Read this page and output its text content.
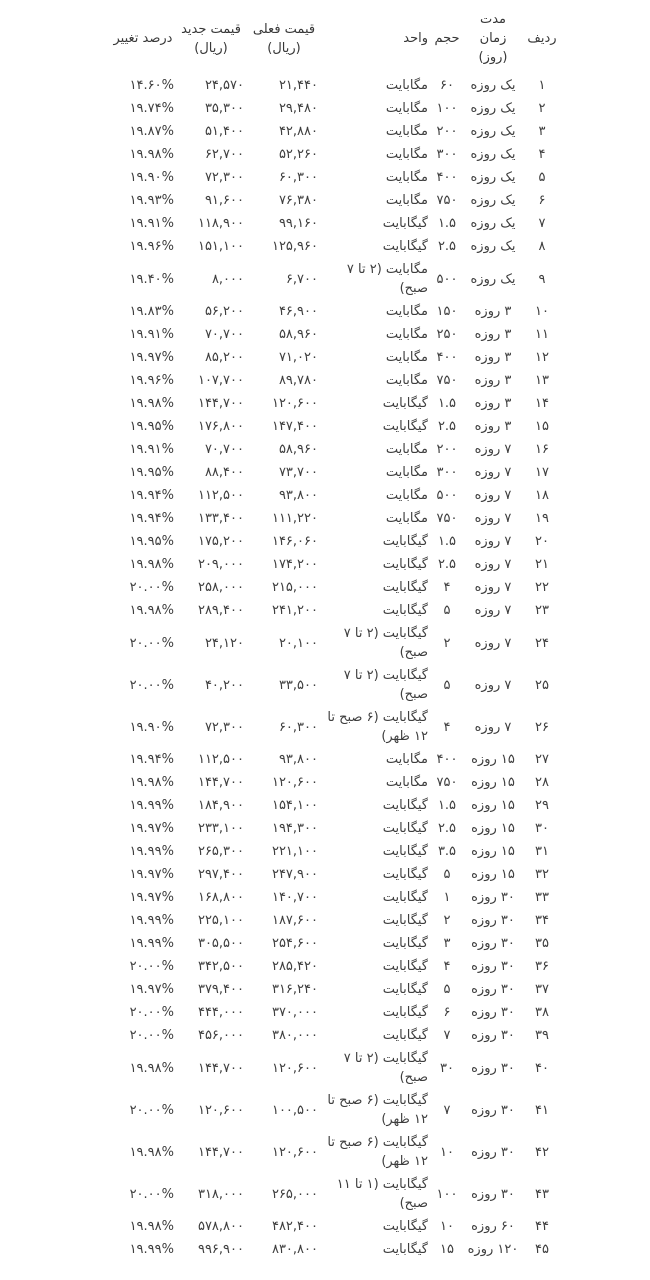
ردیف	مدت زمان (روز)	حجم	واحد	قیمت فعلی (ریال)	قیمت جدید (ریال)	درصد تغییر
۱	یک روزه	۶۰	مگابایت	۲۱,۴۴۰	۲۴,۵۷۰	۱۴.۶۰%
۲	یک روزه	۱۰۰	مگابایت	۲۹,۴۸۰	۳۵,۳۰۰	۱۹.۷۴%
۳	یک روزه	۲۰۰	مگابایت	۴۲,۸۸۰	۵۱,۴۰۰	۱۹.۸۷%
۴	یک روزه	۳۰۰	مگابایت	۵۲,۲۶۰	۶۲,۷۰۰	۱۹.۹۸%
۵	یک روزه	۴۰۰	مگابایت	۶۰,۳۰۰	۷۲,۳۰۰	۱۹.۹۰%
۶	یک روزه	۷۵۰	مگابایت	۷۶,۳۸۰	۹۱,۶۰۰	۱۹.۹۳%
۷	یک روزه	۱.۵	گیگابایت	۹۹,۱۶۰	۱۱۸,۹۰۰	۱۹.۹۱%
۸	یک روزه	۲.۵	گیگابایت	۱۲۵,۹۶۰	۱۵۱,۱۰۰	۱۹.۹۶%
۹	یک روزه	۵۰۰	مگابایت (۲ تا ۷ صبح)	۶,۷۰۰	۸,۰۰۰	۱۹.۴۰%
۱۰	۳ روزه	۱۵۰	مگابایت	۴۶,۹۰۰	۵۶,۲۰۰	۱۹.۸۳%
۱۱	۳ روزه	۲۵۰	مگابایت	۵۸,۹۶۰	۷۰,۷۰۰	۱۹.۹۱%
۱۲	۳ روزه	۴۰۰	مگابایت	۷۱,۰۲۰	۸۵,۲۰۰	۱۹.۹۷%
۱۳	۳ روزه	۷۵۰	مگابایت	۸۹,۷۸۰	۱۰۷,۷۰۰	۱۹.۹۶%
۱۴	۳ روزه	۱.۵	گیگابایت	۱۲۰,۶۰۰	۱۴۴,۷۰۰	۱۹.۹۸%
۱۵	۳ روزه	۲.۵	گیگابایت	۱۴۷,۴۰۰	۱۷۶,۸۰۰	۱۹.۹۵%
۱۶	۷ روزه	۲۰۰	مگابایت	۵۸,۹۶۰	۷۰,۷۰۰	۱۹.۹۱%
۱۷	۷ روزه	۳۰۰	مگابایت	۷۳,۷۰۰	۸۸,۴۰۰	۱۹.۹۵%
۱۸	۷ روزه	۵۰۰	مگابایت	۹۳,۸۰۰	۱۱۲,۵۰۰	۱۹.۹۴%
۱۹	۷ روزه	۷۵۰	مگابایت	۱۱۱,۲۲۰	۱۳۳,۴۰۰	۱۹.۹۴%
۲۰	۷ روزه	۱.۵	گیگابایت	۱۴۶,۰۶۰	۱۷۵,۲۰۰	۱۹.۹۵%
۲۱	۷ روزه	۲.۵	گیگابایت	۱۷۴,۲۰۰	۲۰۹,۰۰۰	۱۹.۹۸%
۲۲	۷ روزه	۴	گیگابایت	۲۱۵,۰۰۰	۲۵۸,۰۰۰	۲۰.۰۰%
۲۳	۷ روزه	۵	گیگابایت	۲۴۱,۲۰۰	۲۸۹,۴۰۰	۱۹.۹۸%
۲۴	۷ روزه	۲	گیگابایت (۲ تا ۷ صبح)	۲۰,۱۰۰	۲۴,۱۲۰	۲۰.۰۰%
۲۵	۷ روزه	۵	گیگابایت (۲ تا ۷ صبح)	۳۳,۵۰۰	۴۰,۲۰۰	۲۰.۰۰%
۲۶	۷ روزه	۴	گیگابایت (۶ صبح تا ۱۲ ظهر)	۶۰,۳۰۰	۷۲,۳۰۰	۱۹.۹۰%
۲۷	۱۵ روزه	۴۰۰	مگابایت	۹۳,۸۰۰	۱۱۲,۵۰۰	۱۹.۹۴%
۲۸	۱۵ روزه	۷۵۰	مگابایت	۱۲۰,۶۰۰	۱۴۴,۷۰۰	۱۹.۹۸%
۲۹	۱۵ روزه	۱.۵	گیگابایت	۱۵۴,۱۰۰	۱۸۴,۹۰۰	۱۹.۹۹%
۳۰	۱۵ روزه	۲.۵	گیگابایت	۱۹۴,۳۰۰	۲۳۳,۱۰۰	۱۹.۹۷%
۳۱	۱۵ روزه	۳.۵	گیگابایت	۲۲۱,۱۰۰	۲۶۵,۳۰۰	۱۹.۹۹%
۳۲	۱۵ روزه	۵	گیگابایت	۲۴۷,۹۰۰	۲۹۷,۴۰۰	۱۹.۹۷%
۳۳	۳۰ روزه	۱	گیگابایت	۱۴۰,۷۰۰	۱۶۸,۸۰۰	۱۹.۹۷%
۳۴	۳۰ روزه	۲	گیگابایت	۱۸۷,۶۰۰	۲۲۵,۱۰۰	۱۹.۹۹%
۳۵	۳۰ روزه	۳	گیگابایت	۲۵۴,۶۰۰	۳۰۵,۵۰۰	۱۹.۹۹%
۳۶	۳۰ روزه	۴	گیگابایت	۲۸۵,۴۲۰	۳۴۲,۵۰۰	۲۰.۰۰%
۳۷	۳۰ روزه	۵	گیگابایت	۳۱۶,۲۴۰	۳۷۹,۴۰۰	۱۹.۹۷%
۳۸	۳۰ روزه	۶	گیگابایت	۳۷۰,۰۰۰	۴۴۴,۰۰۰	۲۰.۰۰%
۳۹	۳۰ روزه	۷	گیگابایت	۳۸۰,۰۰۰	۴۵۶,۰۰۰	۲۰.۰۰%
۴۰	۳۰ روزه	۳۰	گیگابایت (۲ تا ۷ صبح)	۱۲۰,۶۰۰	۱۴۴,۷۰۰	۱۹.۹۸%
۴۱	۳۰ روزه	۷	گیگابایت (۶ صبح تا ۱۲ ظهر)	۱۰۰,۵۰۰	۱۲۰,۶۰۰	۲۰.۰۰%
۴۲	۳۰ روزه	۱۰	گیگابایت (۶ صبح تا ۱۲ ظهر)	۱۲۰,۶۰۰	۱۴۴,۷۰۰	۱۹.۹۸%
۴۳	۳۰ روزه	۱۰۰	گیگابایت (۱ تا ۱۱ صبح)	۲۶۵,۰۰۰	۳۱۸,۰۰۰	۲۰.۰۰%
۴۴	۶۰ روزه	۱۰	گیگابایت	۴۸۲,۴۰۰	۵۷۸,۸۰۰	۱۹.۹۸%
۴۵	۱۲۰ روزه	۱۵	گیگابایت	۸۳۰,۸۰۰	۹۹۶,۹۰۰	۱۹.۹۹%
